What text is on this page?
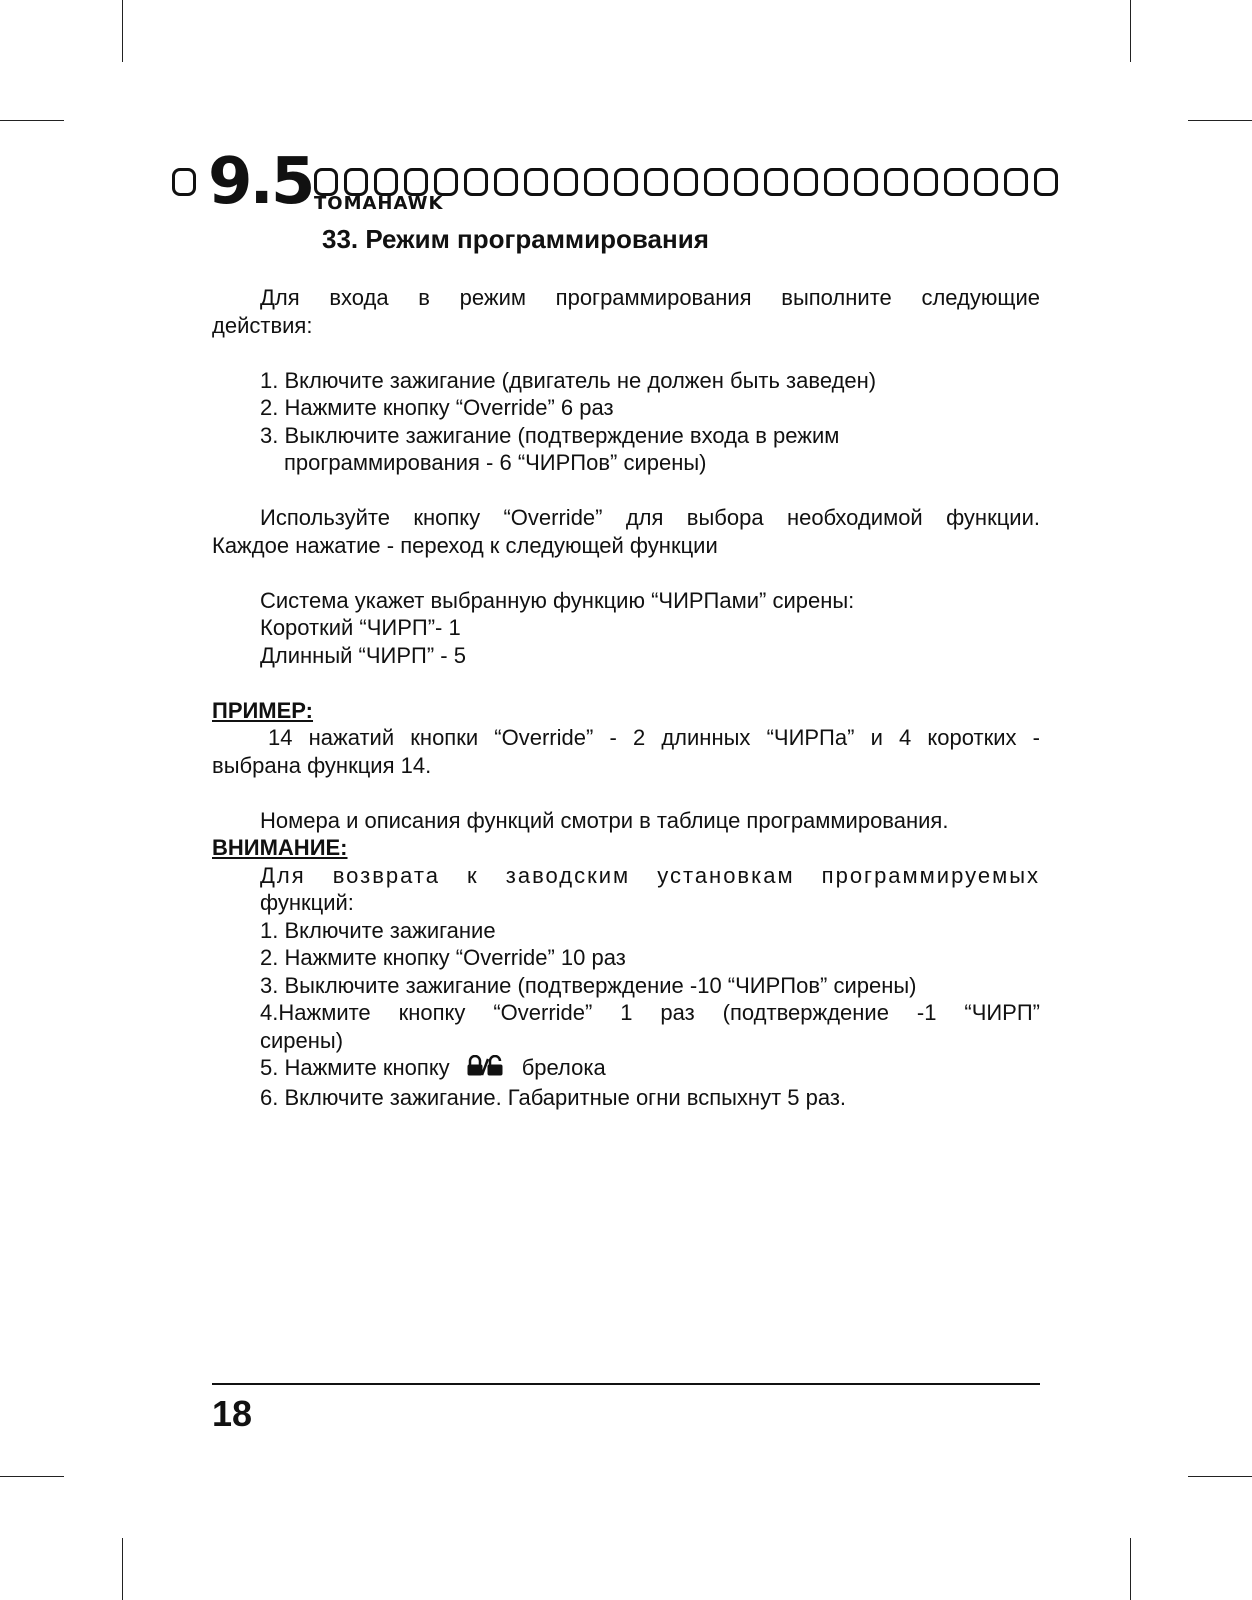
9.5 TOMAHAWK
33. Режим программирования

Для входа в режим программирования выполните следующие

действия:

1. Включите зажигание (двигатель не должен быть заведен)

2. Нажмите кнопку “Override” 6 раз

3. Выключите зажигание (подтверждение входа в режим

программирования - 6 “ЧИРПов” сирены)

Используйте кнопку “Override” для выбора необходимой функции.

Каждое нажатие - переход к следующей функции

Система укажет выбранную функцию “ЧИРПами” сирены:

Короткий “ЧИРП”- 1

Длинный “ЧИРП” - 5

ПРИМЕР:

14 нажатий кнопки “Override” - 2 длинных “ЧИРПа” и 4 коротких -

выбрана функция 14.

Номера и описания функций смотри в таблице программирования.

ВНИМАНИЕ:

Для возврата к заводским установкам программируемых

функций:

1. Включите зажигание

2. Нажмите кнопку “Override” 10 раз

3. Выключите зажигание (подтверждение -10 “ЧИРПов” сирены)

4.Нажмите кнопку “Override” 1 раз (подтверждение -1 “ЧИРП”

сирены)

5. Нажмите кнопку	брелока

6. Включите зажигание. Габаритные огни вспыхнут 5 раз.

18
